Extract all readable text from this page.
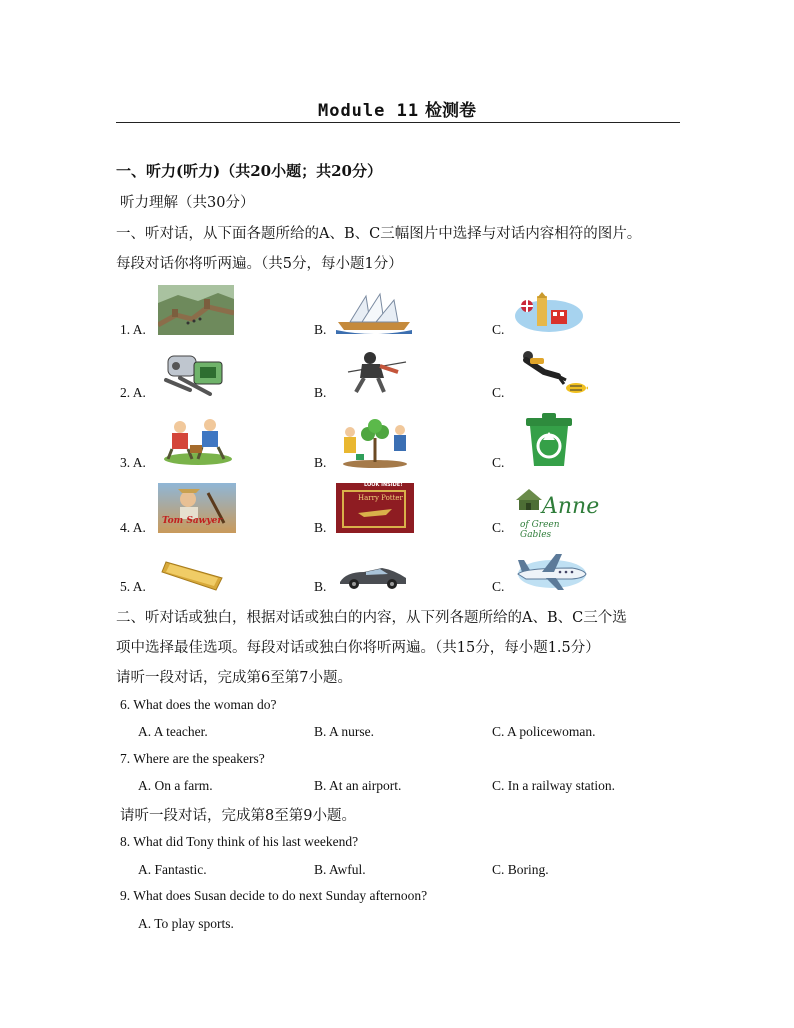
Module 11 检测卷
一、听力(听力)（共20小题；共20分）
听力理解（共30分）
一、听对话，从下面各题所给的A、B、C三幅图片中选择与对话内容相符的图片。
每段对话你将听两遍。（共5分，每小题1分）
1. A.	B.	C.
2. A.	B.	C.
3. A.	B.	C.
4. A.	B.	C.
Tom Sawyer
LOOK INSIDE!
Harry Potter	Anne
of Green Gables
5. A.	B.	C.
二、听对话或独白，根据对话或独白的内容，从下列各题所给的A、B、C三个选
项中选择最佳选项。每段对话或独白你将听两遍。（共15分，每小题1.5分）
请听一段对话，完成第6至第7小题。
6. What does the woman do?
A. A teacher.	B. A nurse.	C. A policewoman.
7. Where are the speakers?
A. On a farm.	B. At an airport.	C. In a railway station.
请听一段对话，完成第8至第9小题。
8. What did Tony think of his last weekend?
A. Fantastic.	B. Awful.	C. Boring.
9. What does Susan decide to do next Sunday afternoon?
A. To play sports.
